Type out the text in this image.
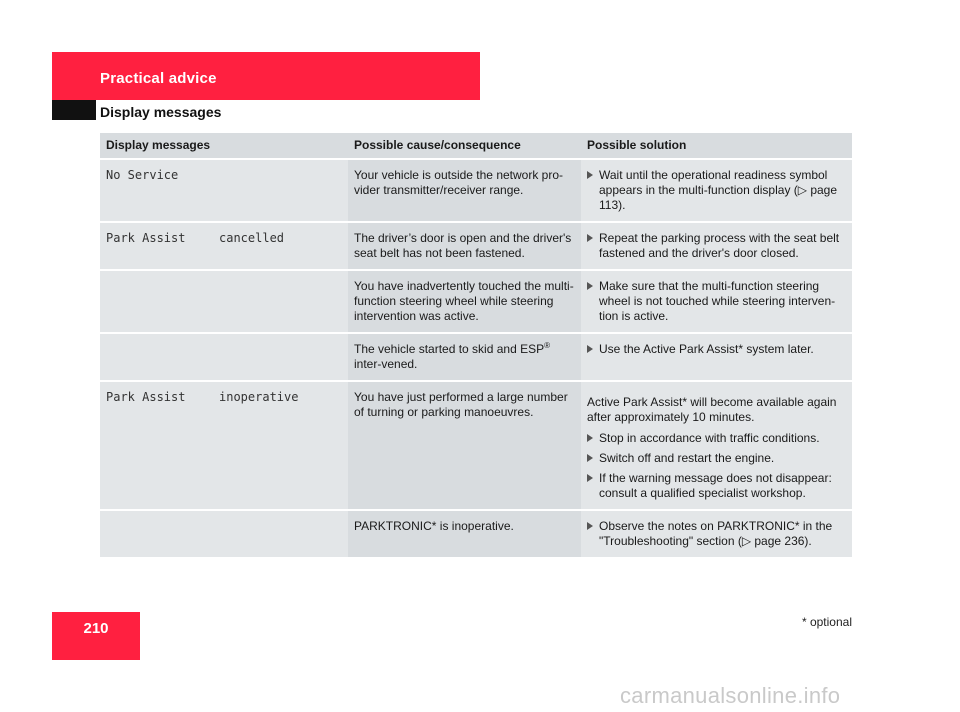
Practical advice
Display messages
Display messages		Possible cause/consequence	Possible solution
No Service		Your vehicle is outside the network pro-vider transmitter/receiver range.	Wait until the operational readiness symbol appears in the multi-function display (▷ page 113).

Park Assist	cancelled	The driver’s door is open and the driver's seat belt has not been fastened.	Repeat the parking process with the seat belt fastened and the driver's door closed.

		You have inadvertently touched the multi-function steering wheel while steering intervention was active.	Make sure that the multi-function steering wheel is not touched while steering interven-tion is active.

		The vehicle started to skid and ESP® inter-vened.	Use the Active Park Assist* system later.

Park Assist	inoperative	You have just performed a large number of turning or parking manoeuvres.	Active Park Assist* will become available again after approximately 10 minutes.
Stop in accordance with traffic conditions.
Switch off and restart the engine.
If the warning message does not disappear: consult a qualified specialist workshop.

		PARKTRONIC* is inoperative.	Observe the notes on PARKTRONIC* in the "Troubleshooting" section (▷ page 236).
210	* optional
carmanualsonline.info
